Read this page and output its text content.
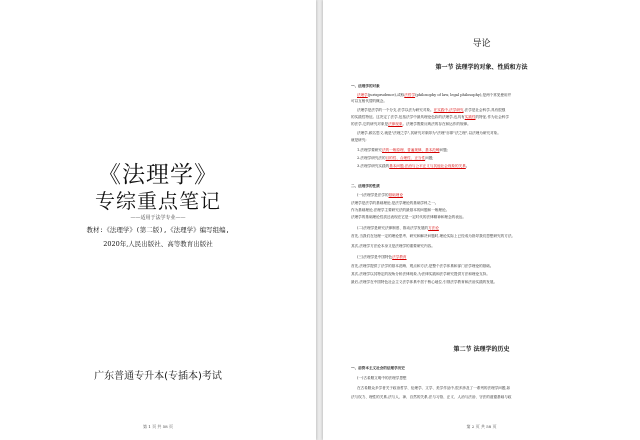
《法理学》
专综重点笔记
——适用于法学专业——
教材:《法理学》(第二版),《法理学》编写组编,
2020年,人民出版社、高等教育出版社
广东普通专升本(专插本)考试
第 1 页 共 58 页
导论
第一节 法理学的对象、性质和方法
一、法理学的对象
法理学(jurisprudence),或称法哲学(philosophy of law, legal philosophy),是两个常见使用并
可以互相代替的概念。
法理学是法学的一个分支,法学以法为研究对象。在实践中,法学研究,法学是社会科学,具有很强
的实践性特征。这决定了法学,包括法学中最具理论色彩的法理学,也具有实践性的特征,作为社会科学
的法学,它的研究对象是法律现象。法理学既要反映法的存在和运作的规律。
法理学,顾名思义,就是"法理之学",其研究对象即为"法理"亦即"法之理",以法理为研究对象。
就是研究:
1.法理学要研究法的一般原理、普遍规律、基本范畴问题;
2.法理学研究法的目的性、合理性、正当性问题;
3.法理学研究实践的基本问题,法治与公平正义与其他社会现象的关系。
二、法理学的性质
(一)法理学是法学的基础理论
法理学是法学的基础理论,是法学理论的基础学科之一。
作为基础理论,法理学主要研究法的最基本的问题和一般理论。
法理学的基础理论性质还表现在它是一定时代的法律精神和理念的表达。
(二)法理学是研究法律制度、推动法学发展的方法论
首先,当我们在处理一定的理论思考、研究和解决问题时,理论实际上已经成为指导我们思想研究的方法。
其次,法理学方法论本身又是法理学的重要研究内容。
(三)法理学是中国特色法学教育
首先,法理学提供了法学的基本范畴、观点和方法,是整个法学体系和部门法学理论的基础。
其次,法理学以其特定的视角分析法律现象,为法律实践和法学研究提供方法和理论支持。
最后,法理学在中国特色社会主义法学体系中居于核心地位,引领法学教育和法治实践的发展。
第二节 法理学的历史
一、前资本主义社会的法理学历史
(一)古希腊文明中的法理学思想
在古希腊众多学者关于政治哲学、伦理学、文学、美学作品中,很多涉及了一系列的法理学问题,如
法与权力、理性的关系,法与人、神、自然的关系,法与习俗、正义、人治与法治、守法的道德基础与政
第 2 页 共 58 页
